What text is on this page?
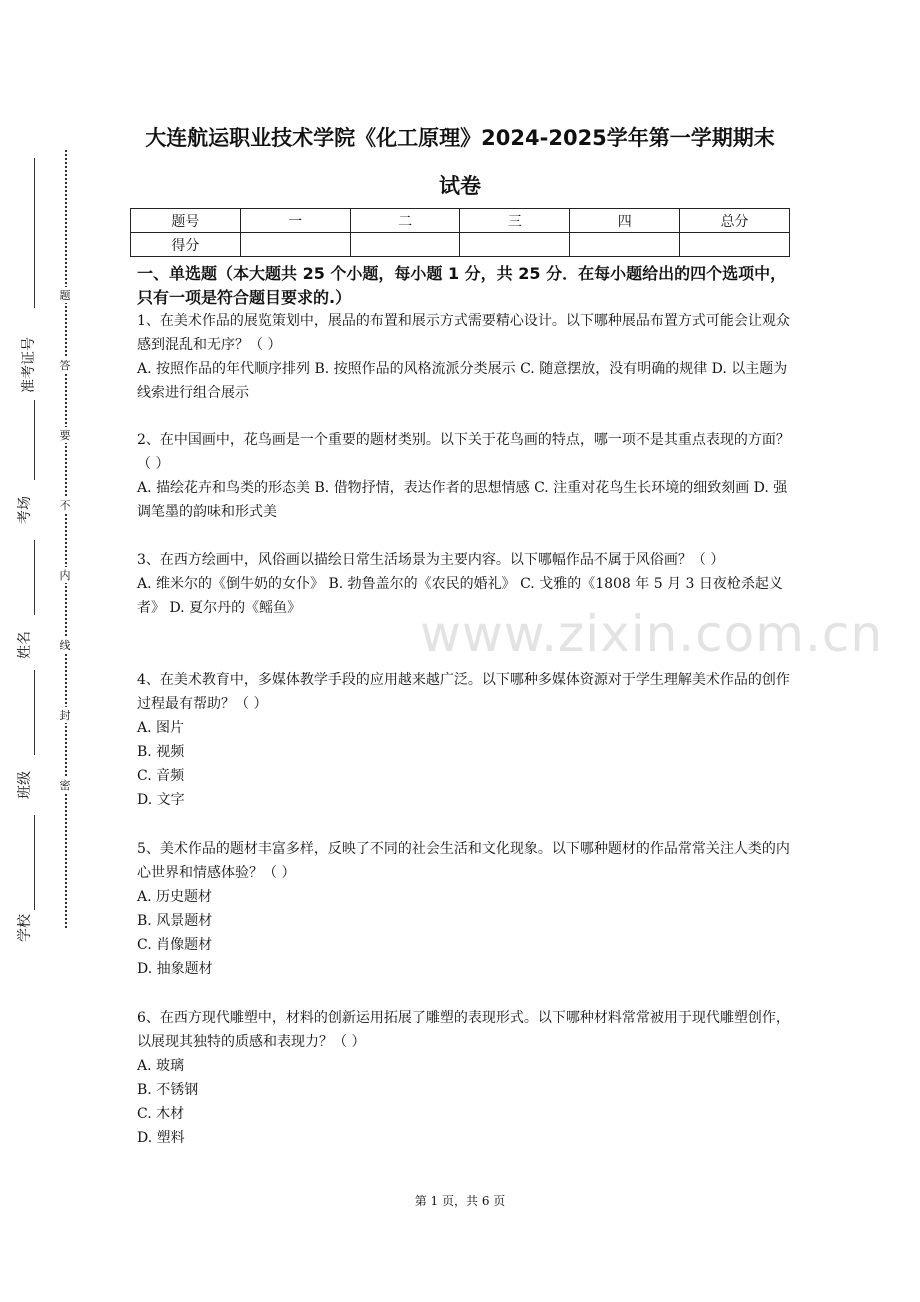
题
答
要
不
内
线
封
密
准考证号
考场
姓名
班级
学校
www.zixin.com.cn
大连航运职业技术学院《化工原理》2024-2025学年第一学期期末
试卷
题号	一	二	三	四	总分
得分					
一、单选题（本大题共 25 个小题，每小题 1 分，共 25 分．在每小题给出的四个选项中，只有一项是符合题目要求的.）

1、在美术作品的展览策划中，展品的布置和展示方式需要精心设计。以下哪种展品布置方式可能会让观众感到混乱和无序？（ ）

A. 按照作品的年代顺序排列 B. 按照作品的风格流派分类展示 C. 随意摆放，没有明确的规律 D. 以主题为线索进行组合展示

2、在中国画中，花鸟画是一个重要的题材类别。以下关于花鸟画的特点，哪一项不是其重点表现的方面？（ ）

A. 描绘花卉和鸟类的形态美 B. 借物抒情，表达作者的思想情感 C. 注重对花鸟生长环境的细致刻画 D. 强调笔墨的韵味和形式美

3、在西方绘画中，风俗画以描绘日常生活场景为主要内容。以下哪幅作品不属于风俗画？（ ）

A. 维米尔的《倒牛奶的女仆》 B. 勃鲁盖尔的《农民的婚礼》 C. 戈雅的《1808 年 5 月 3 日夜枪杀起义者》 D. 夏尔丹的《鳐鱼》

4、在美术教育中，多媒体教学手段的应用越来越广泛。以下哪种多媒体资源对于学生理解美术作品的创作过程最有帮助？（ ）

A. 图片

B. 视频

C. 音频

D. 文字

5、美术作品的题材丰富多样，反映了不同的社会生活和文化现象。以下哪种题材的作品常常关注人类的内心世界和情感体验？（ ）

A. 历史题材

B. 风景题材

C. 肖像题材

D. 抽象题材

6、在西方现代雕塑中，材料的创新运用拓展了雕塑的表现形式。以下哪种材料常常被用于现代雕塑创作，以展现其独特的质感和表现力？（ ）

A. 玻璃

B. 不锈钢

C. 木材

D. 塑料

第 1 页，共 6 页
